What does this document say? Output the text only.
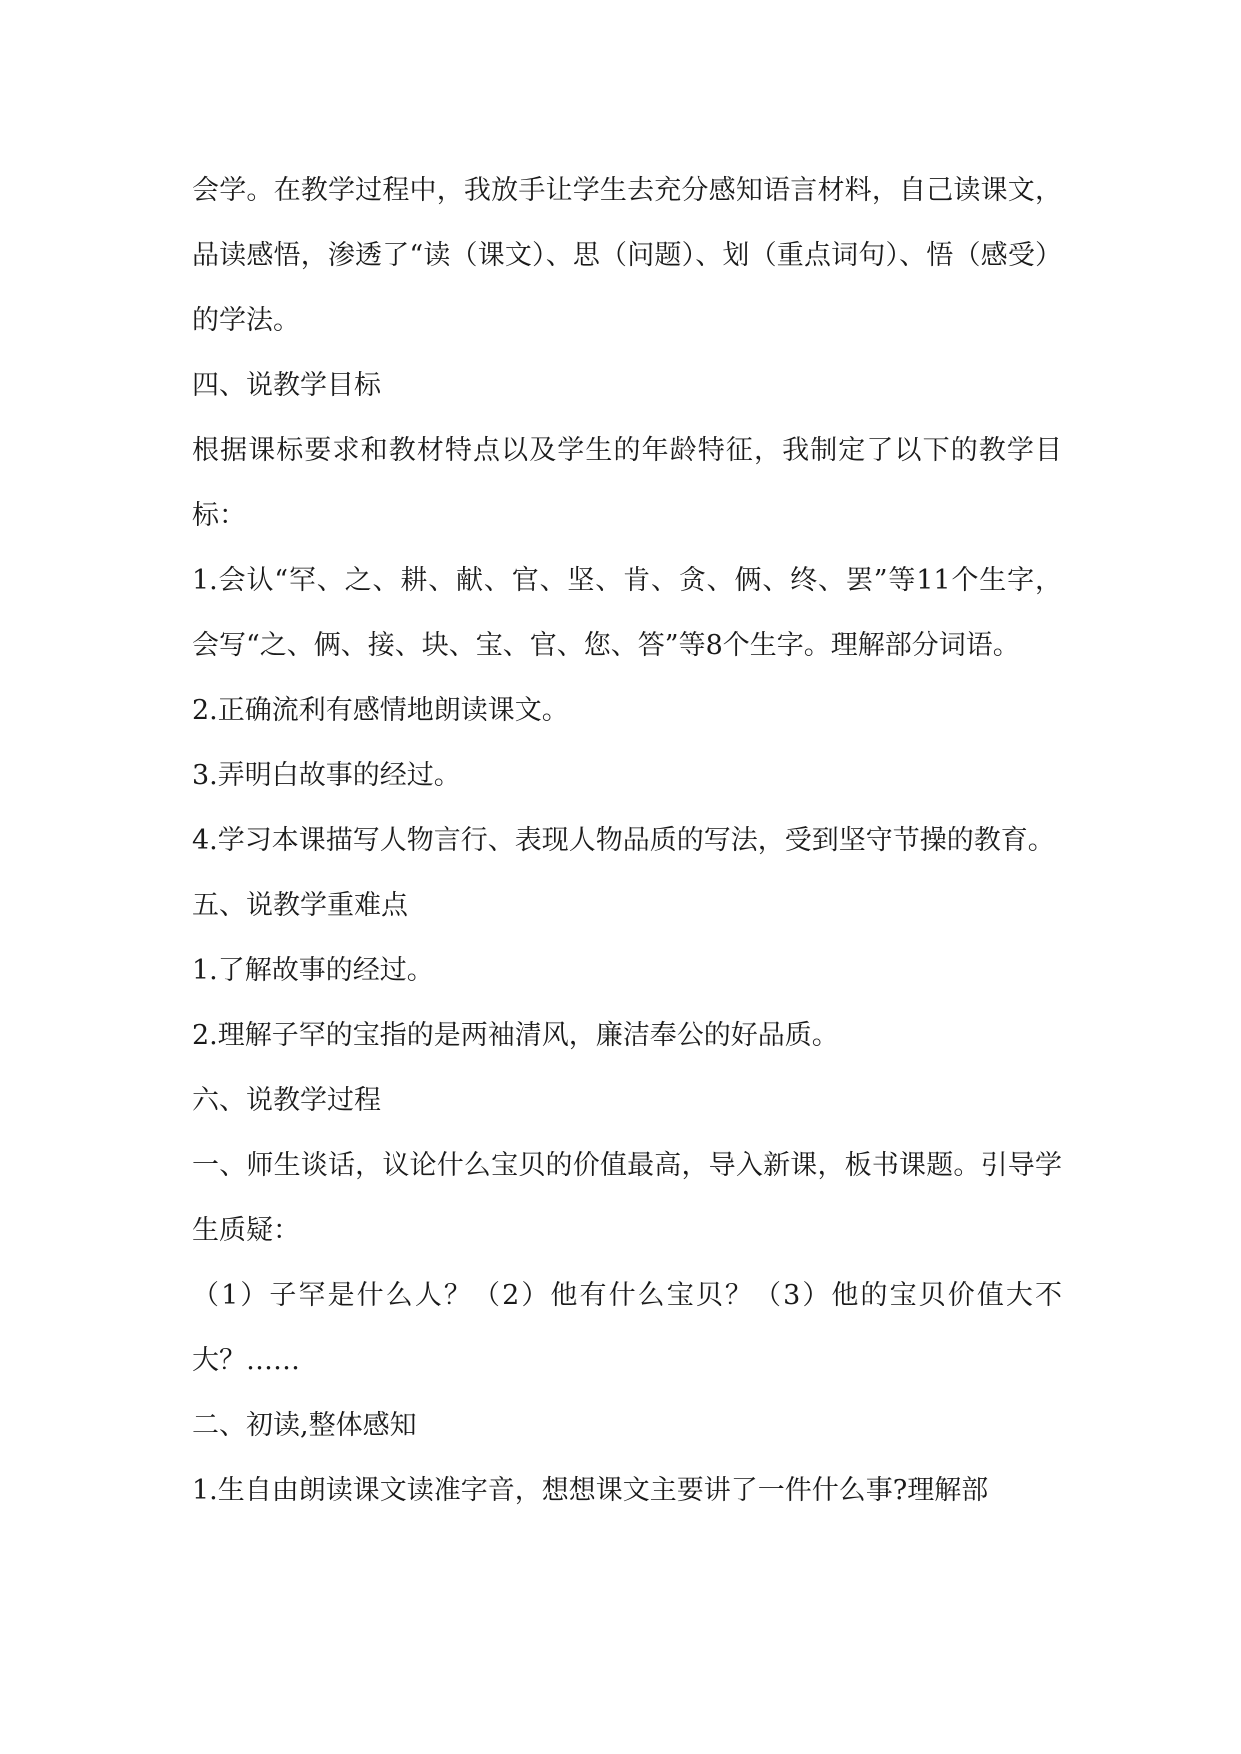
会学。在教学过程中，我放手让学生去充分感知语言材料，自己读课文，品读感悟，渗透了“读（课文）、思（问题）、划（重点词句）、悟（感受）的学法。

四、说教学目标

根据课标要求和教材特点以及学生的年龄特征，我制定了以下的教学目标：

1.会认“罕、之、耕、献、官、坚、肯、贪、俩、终、罢”等11个生字，会写“之、俩、接、块、宝、官、您、答”等8个生字。理解部分词语。

2.正确流利有感情地朗读课文。

3.弄明白故事的经过。

4.学习本课描写人物言行、表现人物品质的写法，受到坚守节操的教育。

五、说教学重难点

1.了解故事的经过。

2.理解子罕的宝指的是两袖清风，廉洁奉公的好品质。

六、说教学过程

一、师生谈话，议论什么宝贝的价值最高，导入新课，板书课题。引导学生质疑：

（1）子罕是什么人？（2）他有什么宝贝？（3）他的宝贝价值大不大？……

二、初读,整体感知

1.生自由朗读课文读准字音，想想课文主要讲了一件什么事?理解部
